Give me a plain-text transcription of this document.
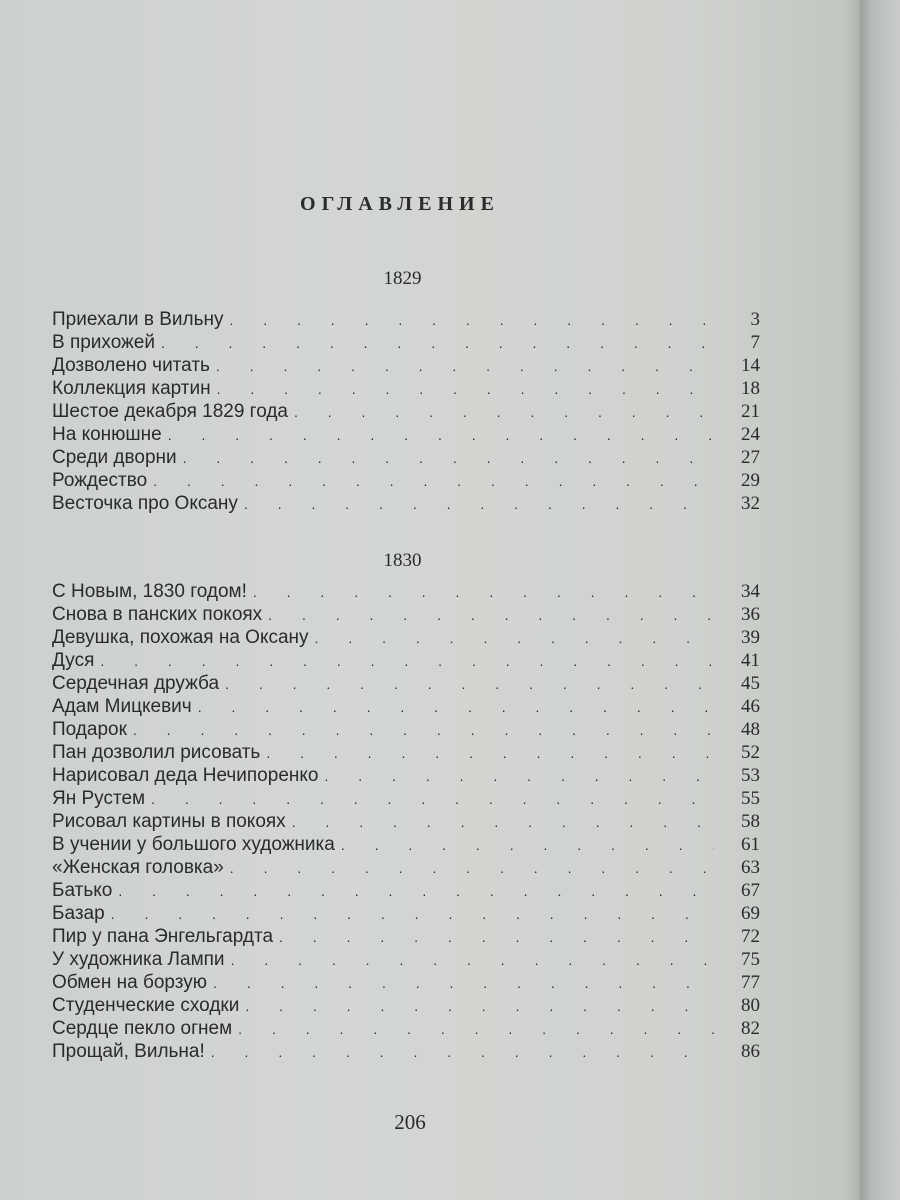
ОГЛАВЛЕНИЕ
1829
Приехали в Вильну . . .	3
В прихожей . . .	7
Дозволено читать . . .	14
Коллекция картин . . .	18
Шестое декабря 1829 года . . .	21
На конюшне . . .	24
Среди дворни . . .	27
Рождество . . .	29
Весточка про Оксану . . .	32
1830
С Новым, 1830 годом! . . .	34
Снова в панских покоях . . .	36
Девушка, похожая на Оксану . . .	39
Дуся . . .	41
Сердечная дружба . . .	45
Адам Мицкевич . . .	46
Подарок . . .	48
Пан дозволил рисовать . . .	52
Нарисовал деда Нечипоренко . . .	53
Ян Рустем . . .	55
Рисовал картины в покоях . . .	58
В учении у большого художника . . .	61
«Женская головка» . . .	63
Батько . . .	67
Базар . . .	69
Пир у пана Энгельгардта . . .	72
У художника Лампи . . .	75
Обмен на борзую . . .	77
Студенческие сходки . . .	80
Сердце пекло огнем . . .	82
Прощай, Вильна! . . .	86
206
